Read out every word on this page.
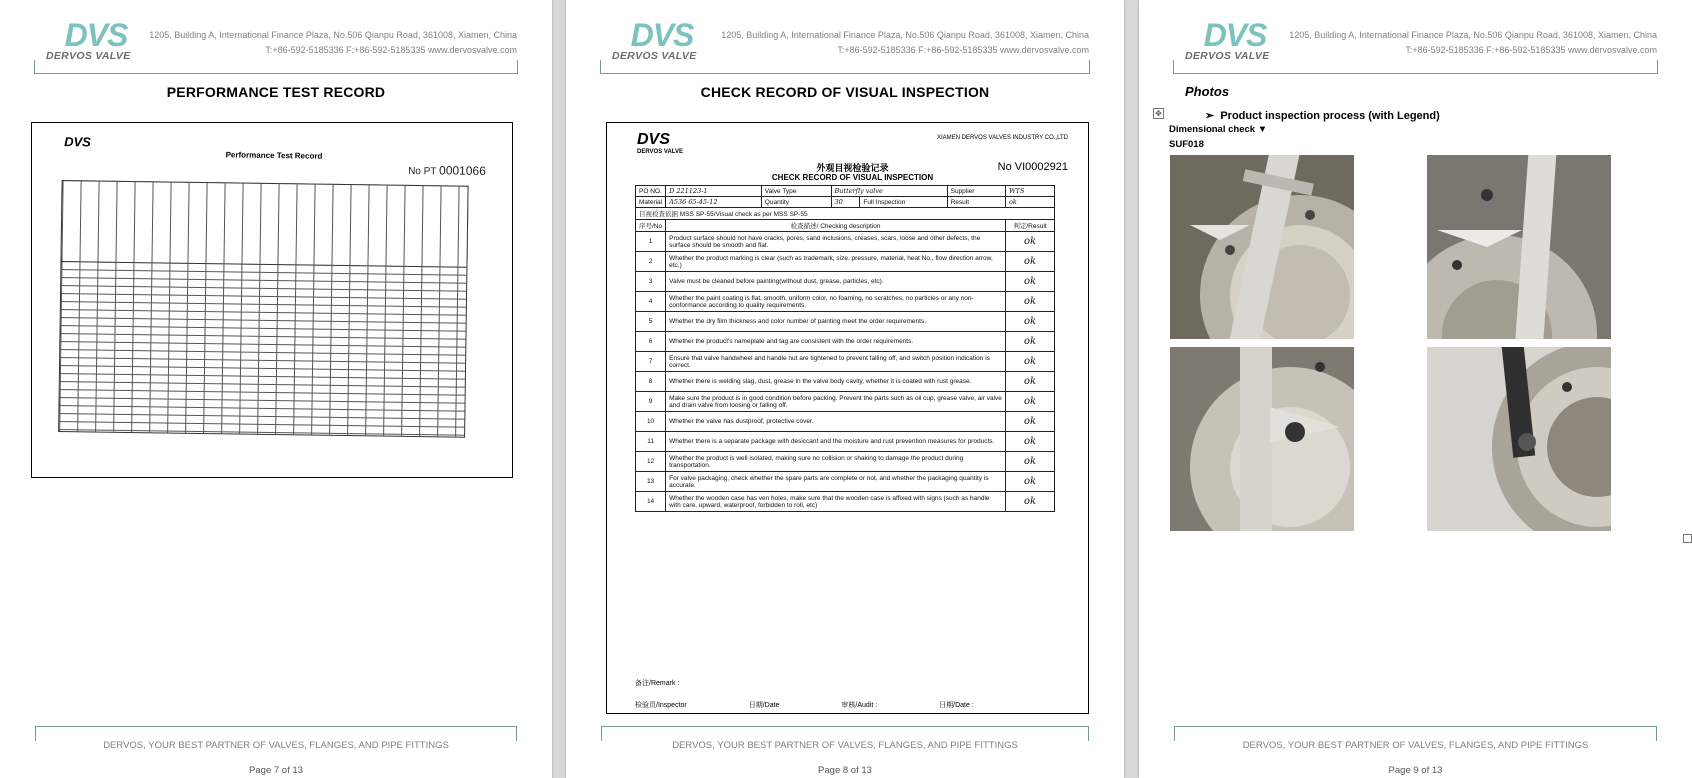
DVS
DERVOS VALVE
1205, Building A, International Finance Plaza, No.506 Qianpu Road, 361008, Xiamen, China
T:+86-592-5185336 F:+86-592-5185335 www.dervosvalve.com
PERFORMANCE TEST RECORD
DVS
Performance Test Record
No PT 0001066
DERVOS, YOUR BEST PARTNER OF VALVES, FLANGES, AND PIPE FITTINGS
Page 7 of 13
DVS
DERVOS VALVE
1205, Building A, International Finance Plaza, No.506 Qianpu Road, 361008, Xiamen, China
T:+86-592-5185336 F:+86-592-5185335 www.dervosvalve.com
CHECK RECORD OF VISUAL INSPECTION
DVS
DERVOS VALVE
XIAMEN DERVOS VALVES INDUSTRY CO.,LTD
外观目视检验记录
CHECK RECORD OF VISUAL INSPECTION
No VI0002921
PO NO.	D 221123-1	Valve Type	Butterfly valve		Supplier	WTS
Material	A536 65-45-12	Quantity	30	Full Inspection	Result	ok
目视检查依据 MSS SP-55/Visual check as per MSS SP-55						
序号/No	检查描述/ Checking description					判定/Result
1	Product surface should not have cracks, pores, sand inclusions, creases, scars, loose and other defects, the surface should be smooth and flat.					ok
2	Whether the product marking is clear (such as trademark, size, pressure, material, heat No., flow direction arrow, etc.)					ok
3	Valve must be cleaned before painting(without dust, grease, particles, etc).					ok
4	Whether the paint coating is flat, smooth, uniform color, no foaming, no scratches, no particles or any non-conformance according to quality requirements.					ok
5	Whether the dry film thickness and color number of painting meet the order requirements.					ok
6	Whether the product's nameplate and tag are consistent with the order requirements.					ok
7	Ensure that valve handwheel and handle nut are tightened to prevent falling off, and switch position indication is correct.					ok
8	Whether there is welding slag, dust, grease in the valve body cavity, whether it is coated with rust grease.					ok
9	Make sure the product is in good condition before packing. Prevent the parts such as oil cup, grease valve, air valve and drain valve from loosing or falling off.					ok
10	Whether the valve has dustproof, protective cover.					ok
11	Whether there is a separate package with desiccant and the moisture and rust prevention measures for products.					ok
12	Whether the product is well isolated, making sure no collision or shaking to damage the product during transportation.					ok
13	For valve packaging, check whether the spare parts are complete or not, and whether the packaging quantity is accurate.					ok
14	Whether the wooden case has ven holes, make sure that the wooden case is affixed with signs (such as handle with care, upward, waterproof, forbidden to roll, etc)					ok
备注/Remark :
检验员/Inspector	日期/Date	审核/Audit :	日期/Date :
DERVOS, YOUR BEST PARTNER OF VALVES, FLANGES, AND PIPE FITTINGS
Page 8 of 13
DVS
DERVOS VALVE
1205, Building A, International Finance Plaza, No.506 Qianpu Road, 361008, Xiamen, China
T:+86-592-5185336 F:+86-592-5185335 www.dervosvalve.com
Photos
✥	➢ Product inspection process (with Legend)
Dimensional check ▼
SUF018
DERVOS, YOUR BEST PARTNER OF VALVES, FLANGES, AND PIPE FITTINGS
Page 9 of 13
